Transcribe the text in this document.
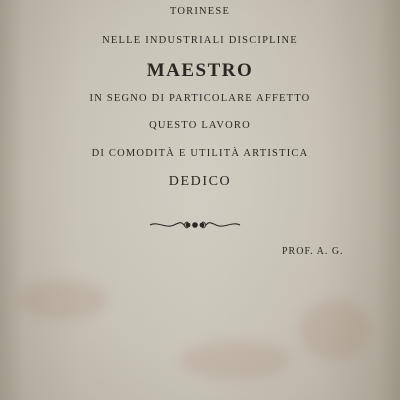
TORINESE
NELLE INDUSTRIALI DISCIPLINE
MAESTRO
IN SEGNO DI PARTICOLARE AFFETTO
QUESTO LAVORO
DI COMODITÀ E UTILITÀ ARTISTICA
DEDICO
PROF. A. G.
